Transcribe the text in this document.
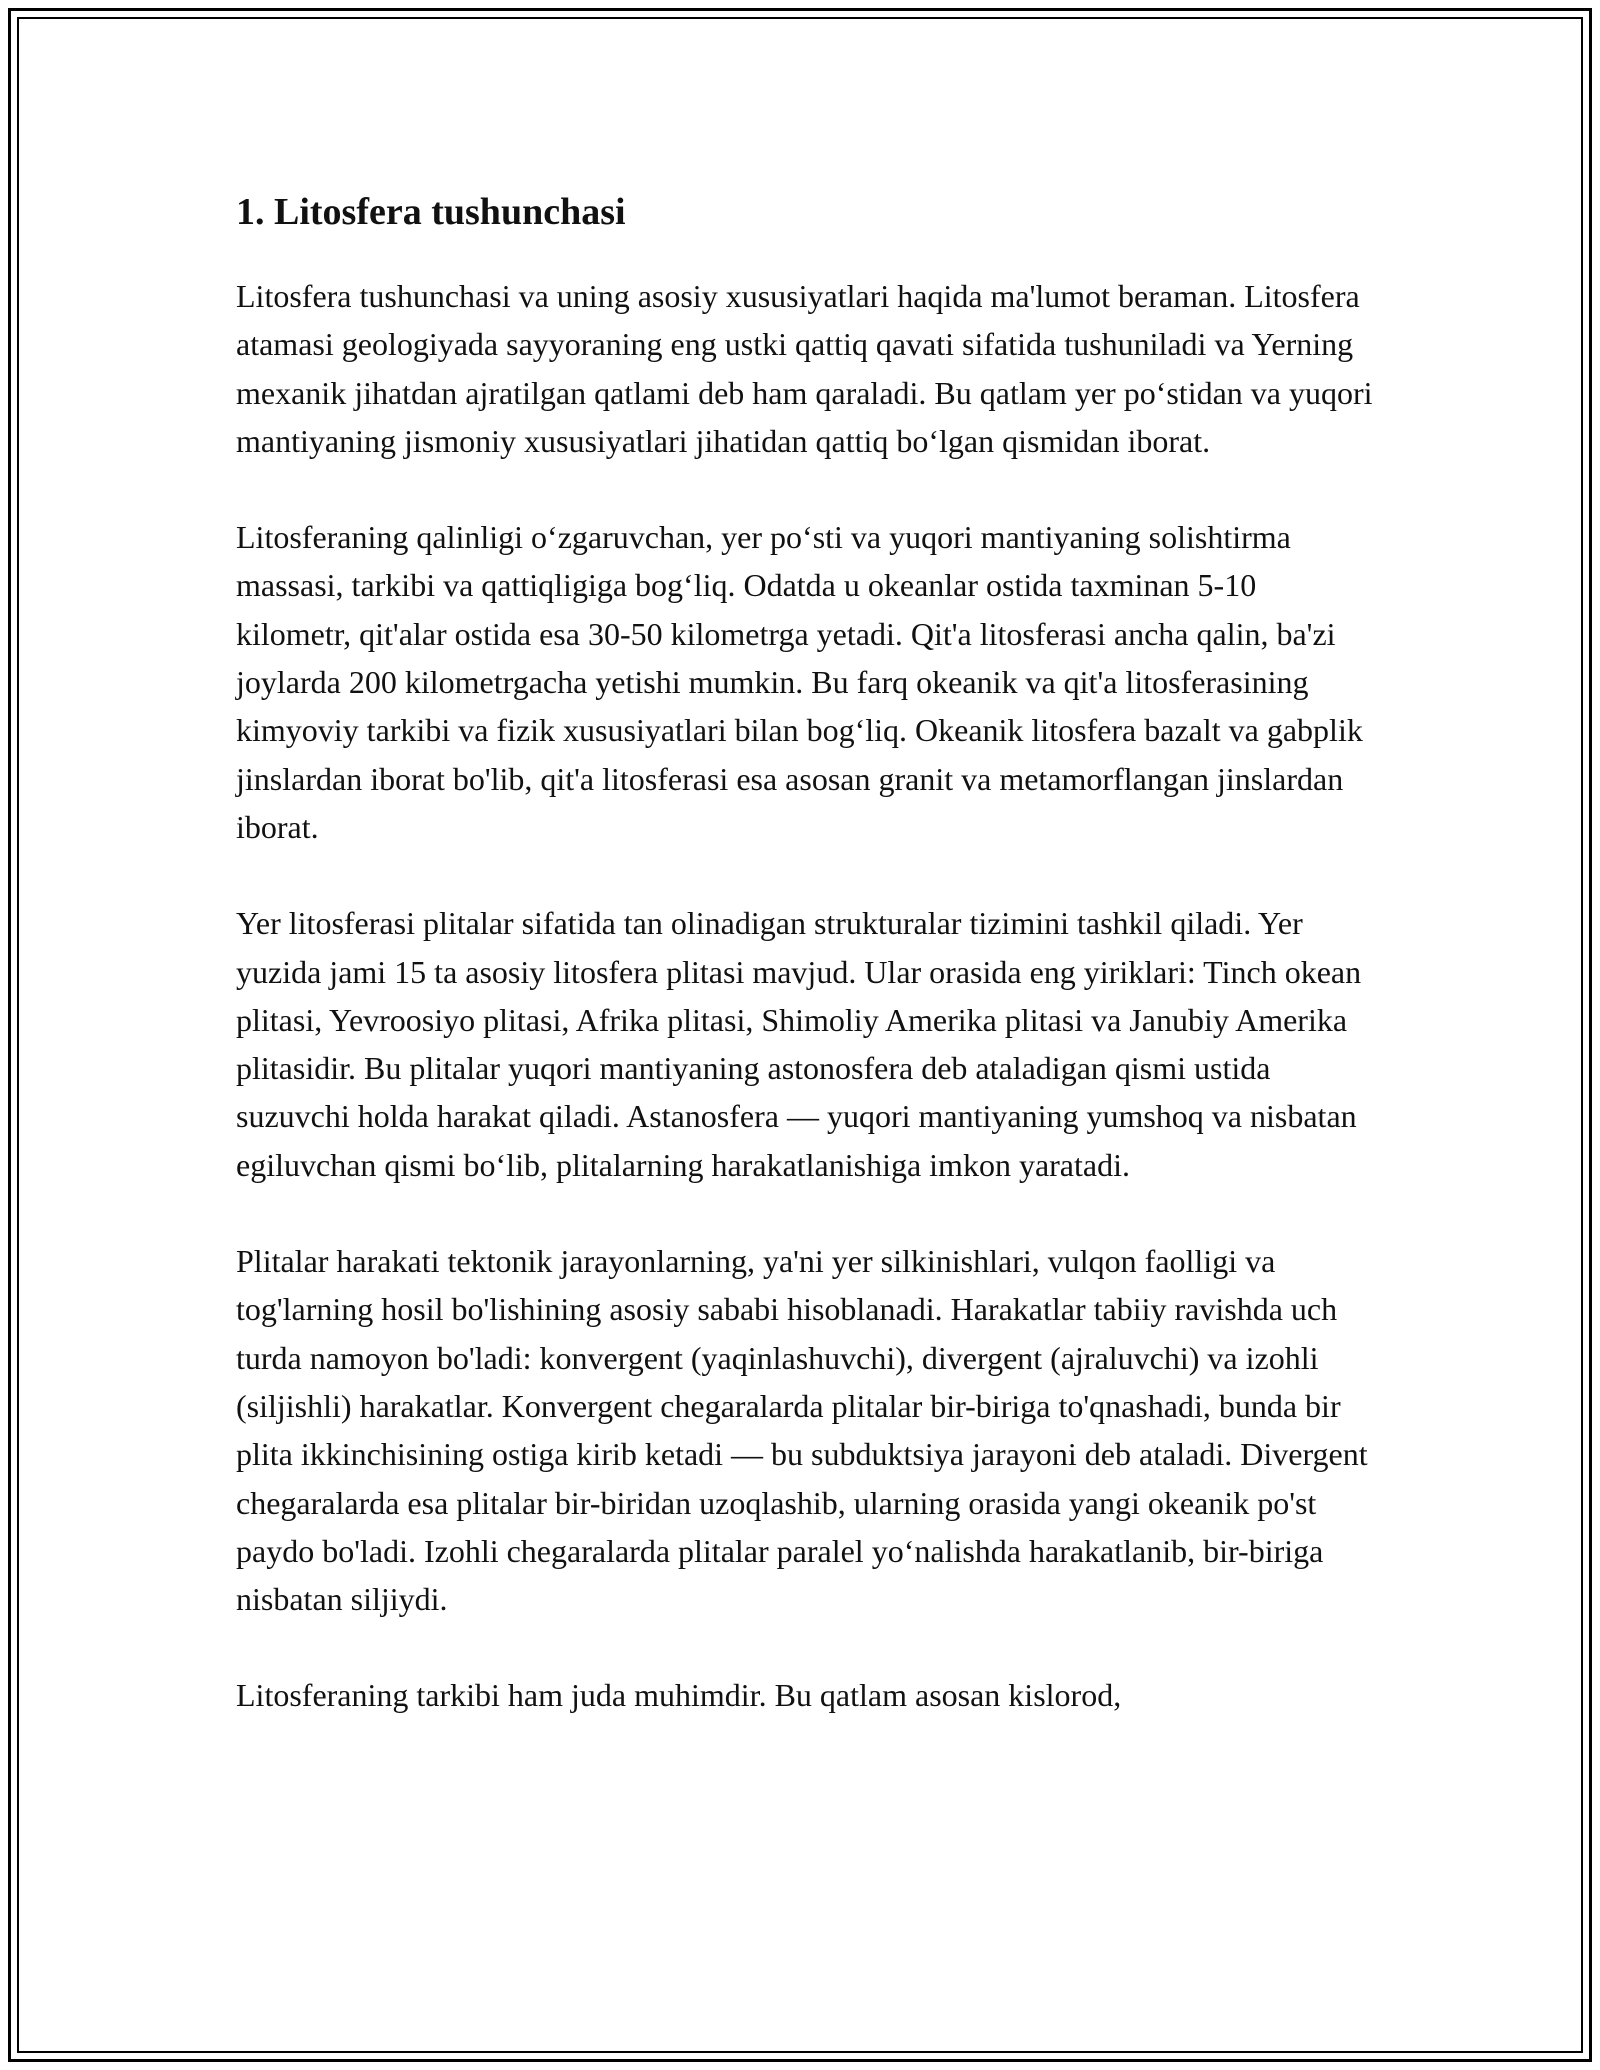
1. Litosfera tushunchasi

Litosfera tushunchasi va uning asosiy xususiyatlari haqida ma'lumot beraman. Litosfera atamasi geologiyada sayyoraning eng ustki qattiq qavati sifatida tushuniladi va Yerning mexanik jihatdan ajratilgan qatlami deb ham qaraladi. Bu qatlam yer po‘stidan va yuqori mantiyaning jismoniy xususiyatlari jihatidan qattiq bo‘lgan qismidan iborat.

Litosferaning qalinligi o‘zgaruvchan, yer po‘sti va yuqori mantiyaning solishtirma massasi, tarkibi va qattiqligiga bog‘liq. Odatda u okeanlar ostida taxminan 5-10 kilometr, qit'alar ostida esa 30-50 kilometrga yetadi. Qit'a litosferasi ancha qalin, ba'zi joylarda 200 kilometrgacha yetishi mumkin. Bu farq okeanik va qit'a litosferasining kimyoviy tarkibi va fizik xususiyatlari bilan bog‘liq. Okeanik litosfera bazalt va gabplik jinslardan iborat bo'lib, qit'a litosferasi esa asosan granit va metamorflangan jinslardan iborat.

Yer litosferasi plitalar sifatida tan olinadigan strukturalar tizimini tashkil qiladi. Yer yuzida jami 15 ta asosiy litosfera plitasi mavjud. Ular orasida eng yiriklari: Tinch okean plitasi, Yevroosiyo plitasi, Afrika plitasi, Shimoliy Amerika plitasi va Janubiy Amerika plitasidir. Bu plitalar yuqori mantiyaning astonosfera deb ataladigan qismi ustida suzuvchi holda harakat qiladi. Astanosfera — yuqori mantiyaning yumshoq va nisbatan egiluvchan qismi bo‘lib, plitalarning harakatlanishiga imkon yaratadi.

Plitalar harakati tektonik jarayonlarning, ya'ni yer silkinishlari, vulqon faolligi va tog'larning hosil bo'lishining asosiy sababi hisoblanadi. Harakatlar tabiiy ravishda uch turda namoyon bo'ladi: konvergent (yaqinlashuvchi), divergent (ajraluvchi) va izohli (siljishli) harakatlar. Konvergent chegaralarda plitalar bir-biriga to'qnashadi, bunda bir plita ikkinchisining ostiga kirib ketadi — bu subduktsiya jarayoni deb ataladi. Divergent chegaralarda esa plitalar bir-biridan uzoqlashib, ularning orasida yangi okeanik po'st paydo bo'ladi. Izohli chegaralarda plitalar paralel yo‘nalishda harakatlanib, bir-biriga nisbatan siljiydi.

Litosferaning tarkibi ham juda muhimdir. Bu qatlam asosan kislorod,
